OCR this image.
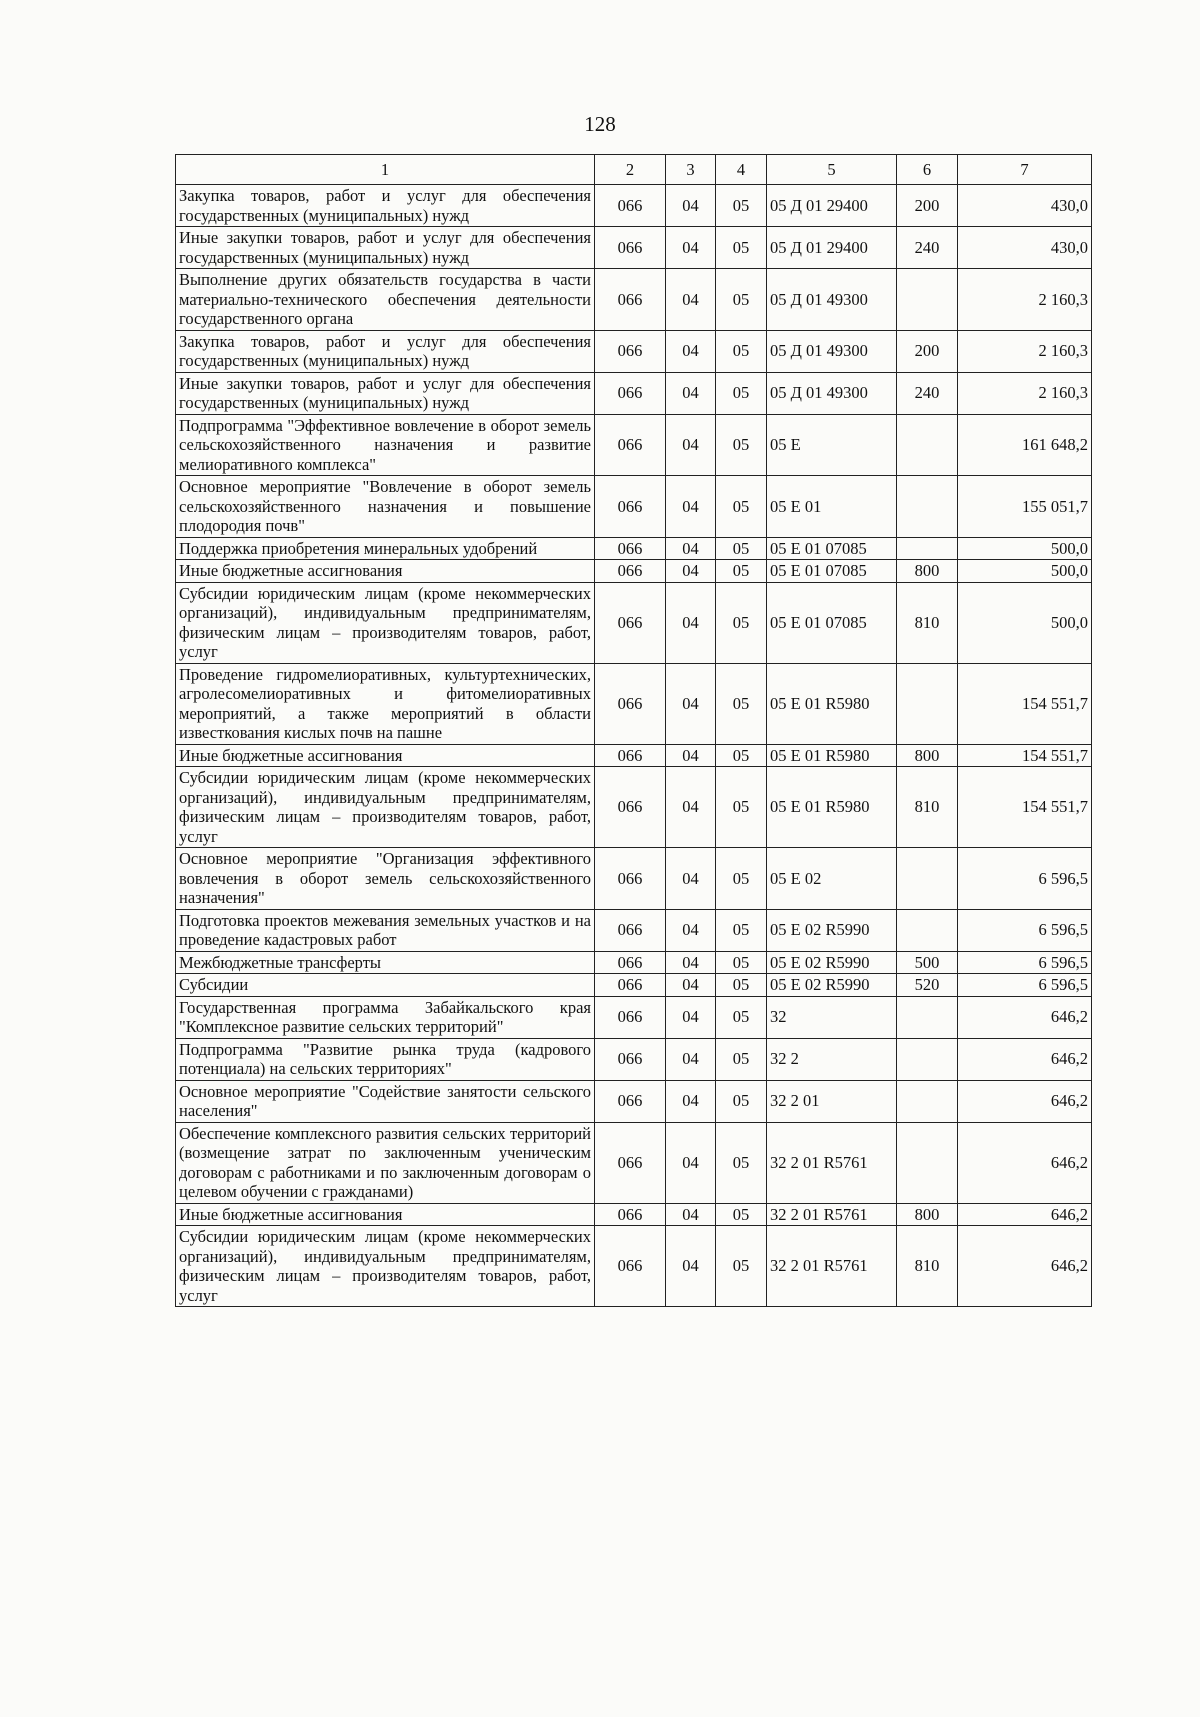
128
1	2	3	4	5	6	7
Закупка товаров, работ и услуг для обеспечения государственных (муниципальных) нужд	066	04	05	05 Д 01 29400	200	430,0
Иные закупки товаров, работ и услуг для обеспечения государственных (муниципальных) нужд	066	04	05	05 Д 01 29400	240	430,0
Выполнение других обязательств государства в части материально-технического обеспечения деятельности государственного органа	066	04	05	05 Д 01 49300		2 160,3
Закупка товаров, работ и услуг для обеспечения государственных (муниципальных) нужд	066	04	05	05 Д 01 49300	200	2 160,3
Иные закупки товаров, работ и услуг для обеспечения государственных (муниципальных) нужд	066	04	05	05 Д 01 49300	240	2 160,3
Подпрограмма "Эффективное вовлечение в оборот земель сельскохозяйственного назначения и развитие мелиоративного комплекса"	066	04	05	05 Е		161 648,2
Основное мероприятие "Вовлечение в оборот земель сельскохозяйственного назначения и повышение плодородия почв"	066	04	05	05 Е 01		155 051,7
Поддержка приобретения минеральных удобрений	066	04	05	05 Е 01 07085		500,0
Иные бюджетные ассигнования	066	04	05	05 Е 01 07085	800	500,0
Субсидии юридическим лицам (кроме некоммерческих организаций), индивидуальным предпринимателям, физическим лицам – производителям товаров, работ, услуг	066	04	05	05 Е 01 07085	810	500,0
Проведение гидромелиоративных, культуртехнических, агролесомелиоративных и фитомелиоративных мероприятий, а также мероприятий в области известкования кислых почв на пашне	066	04	05	05 Е 01 R5980		154 551,7
Иные бюджетные ассигнования	066	04	05	05 Е 01 R5980	800	154 551,7
Субсидии юридическим лицам (кроме некоммерческих организаций), индивидуальным предпринимателям, физическим лицам – производителям товаров, работ, услуг	066	04	05	05 Е 01 R5980	810	154 551,7
Основное мероприятие "Организация эффективного вовлечения в оборот земель сельскохозяйственного назначения"	066	04	05	05 Е 02		6 596,5
Подготовка проектов межевания земельных участков и на проведение кадастровых работ	066	04	05	05 Е 02 R5990		6 596,5
Межбюджетные трансферты	066	04	05	05 Е 02 R5990	500	6 596,5
Субсидии	066	04	05	05 Е 02 R5990	520	6 596,5
Государственная программа Забайкальского края "Комплексное развитие сельских территорий"	066	04	05	32		646,2
Подпрограмма "Развитие рынка труда (кадрового потенциала) на сельских территориях"	066	04	05	32 2		646,2
Основное мероприятие "Содействие занятости сельского населения"	066	04	05	32 2 01		646,2
Обеспечение комплексного развития сельских территорий (возмещение затрат по заключенным ученическим договорам с работниками и по заключенным договорам о целевом обучении с гражданами)	066	04	05	32 2 01 R5761		646,2
Иные бюджетные ассигнования	066	04	05	32 2 01 R5761	800	646,2
Субсидии юридическим лицам (кроме некоммерческих организаций), индивидуальным предпринимателям, физическим лицам – производителям товаров, работ, услуг	066	04	05	32 2 01 R5761	810	646,2
